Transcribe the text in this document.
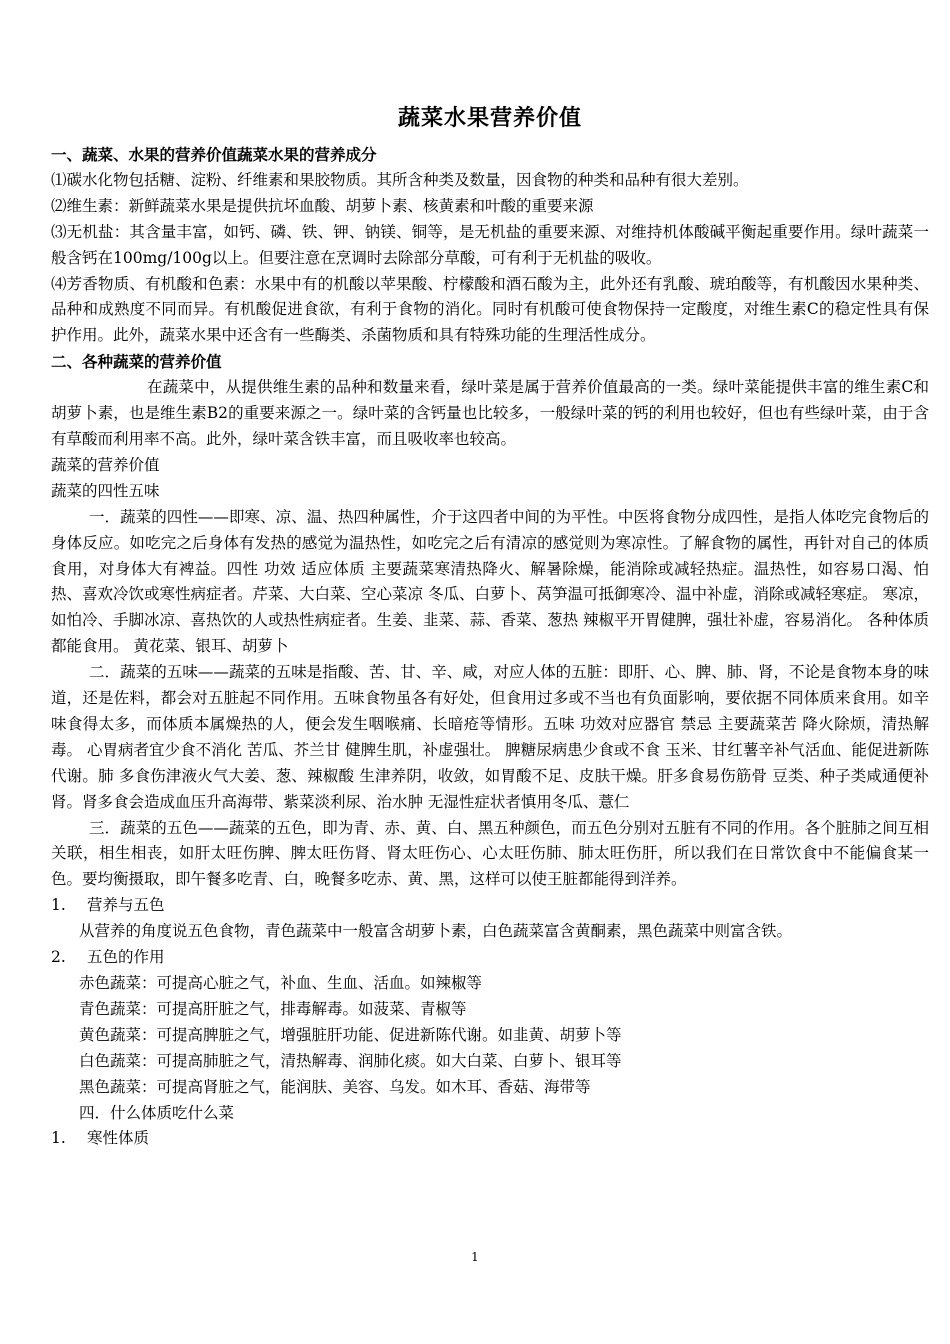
蔬菜水果营养价值

一、蔬菜、水果的营养价值蔬菜水果的营养成分

⑴碳水化物包括糖、淀粉、纤维素和果胶物质。其所含种类及数量，因食物的种类和品种有很大差别。

⑵维生素：新鲜蔬菜水果是提供抗坏血酸、胡萝卜素、核黄素和叶酸的重要来源

⑶无机盐：其含量丰富，如钙、磷、铁、钾、钠镁、铜等，是无机盐的重要来源、对维持机体酸碱平衡起重要作用。绿叶蔬菜一般含钙在100mg/100g以上。但要注意在烹调时去除部分草酸，可有利于无机盐的吸收。

⑷芳香物质、有机酸和色素：水果中有的机酸以苹果酸、柠檬酸和酒石酸为主，此外还有乳酸、琥珀酸等，有机酸因水果种类、品种和成熟度不同而异。有机酸促进食欲，有利于食物的消化。同时有机酸可使食物保持一定酸度，对维生素C的稳定性具有保护作用。此外，蔬菜水果中还含有一些酶类、杀菌物质和具有特殊功能的生理活性成分。

二、各种蔬菜的营养价值

在蔬菜中，从提供维生素的品种和数量来看，绿叶菜是属于营养价值最高的一类。绿叶菜能提供丰富的维生素C和胡萝卜素，也是维生素B2的重要来源之一。绿叶菜的含钙量也比较多，一般绿叶菜的钙的利用也较好，但也有些绿叶菜，由于含有草酸而利用率不高。此外，绿叶菜含铁丰富，而且吸收率也较高。

蔬菜的营养价值

蔬菜的四性五味

一．蔬菜的四性——即寒、凉、温、热四种属性，介于这四者中间的为平性。中医将食物分成四性，是指人体吃完食物后的身体反应。如吃完之后身体有发热的感觉为温热性，如吃完之后有清凉的感觉则为寒凉性。了解食物的属性，再针对自己的体质食用，对身体大有裨益。四性 功效 适应体质 主要蔬菜寒清热降火、解暑除燥，能消除或减轻热症。温热性，如容易口渴、怕热、喜欢冷饮或寒性病症者。芹菜、大白菜、空心菜凉 冬瓜、白萝卜、莴笋温可抵御寒冷、温中补虚，消除或减轻寒症。 寒凉，如怕冷、手脚冰凉、喜热饮的人或热性病症者。生姜、韭菜、蒜、香菜、葱热 辣椒平开胃健脾，强壮补虚，容易消化。 各种体质都能食用。 黄花菜、银耳、胡萝卜

二．蔬菜的五味——蔬菜的五味是指酸、苦、甘、辛、咸，对应人体的五脏：即肝、心、脾、肺、肾，不论是食物本身的味道，还是佐料，都会对五脏起不同作用。五味食物虽各有好处，但食用过多或不当也有负面影响，要依据不同体质来食用。如辛味食得太多，而体质本属燥热的人，便会发生咽喉痛、长暗疮等情形。五味 功效对应器官 禁忌 主要蔬菜苦 降火除烦，清热解毒。 心胃病者宜少食不消化 苦瓜、芥兰甘 健脾生肌，补虚强壮。 脾糖尿病患少食或不食 玉米、甘红薯辛补气活血、能促进新陈代谢。肺 多食伤津液火气大姜、葱、辣椒酸 生津养阴，收敛，如胃酸不足、皮肤干燥。肝多食易伤筋骨 豆类、种子类咸通便补肾。肾多食会造成血压升高海带、紫菜淡利尿、治水肿 无湿性症状者慎用冬瓜、薏仁

三．蔬菜的五色——蔬菜的五色，即为青、赤、黄、白、黑五种颜色，而五色分别对五脏有不同的作用。各个脏肺之间互相关联，相生相丧，如肝太旺伤脾、脾太旺伤肾、肾太旺伤心、心太旺伤肺、肺太旺伤肝，所以我们在日常饮食中不能偏食某一色。要均衡摄取，即午餐多吃青、白，晚餐多吃赤、黄、黑，这样可以使王脏都能得到洋养。

1. 营养与五色

从营养的角度说五色食物，青色蔬菜中一般富含胡萝卜素，白色蔬菜富含黄酮素，黑色蔬菜中则富含铁。

2. 五色的作用

赤色蔬菜：可提高心脏之气，补血、生血、活血。如辣椒等

青色蔬菜：可提高肝脏之气，排毒解毒。如菠菜、青椒等

黄色蔬菜：可提高脾脏之气，增强脏肝功能、促进新陈代谢。如韭黄、胡萝卜等

白色蔬菜：可提高肺脏之气，清热解毒、润肺化痰。如大白菜、白萝卜、银耳等

黑色蔬菜：可提高肾脏之气，能润肤、美容、乌发。如木耳、香菇、海带等

四．什么体质吃什么菜

1. 寒性体质

1
